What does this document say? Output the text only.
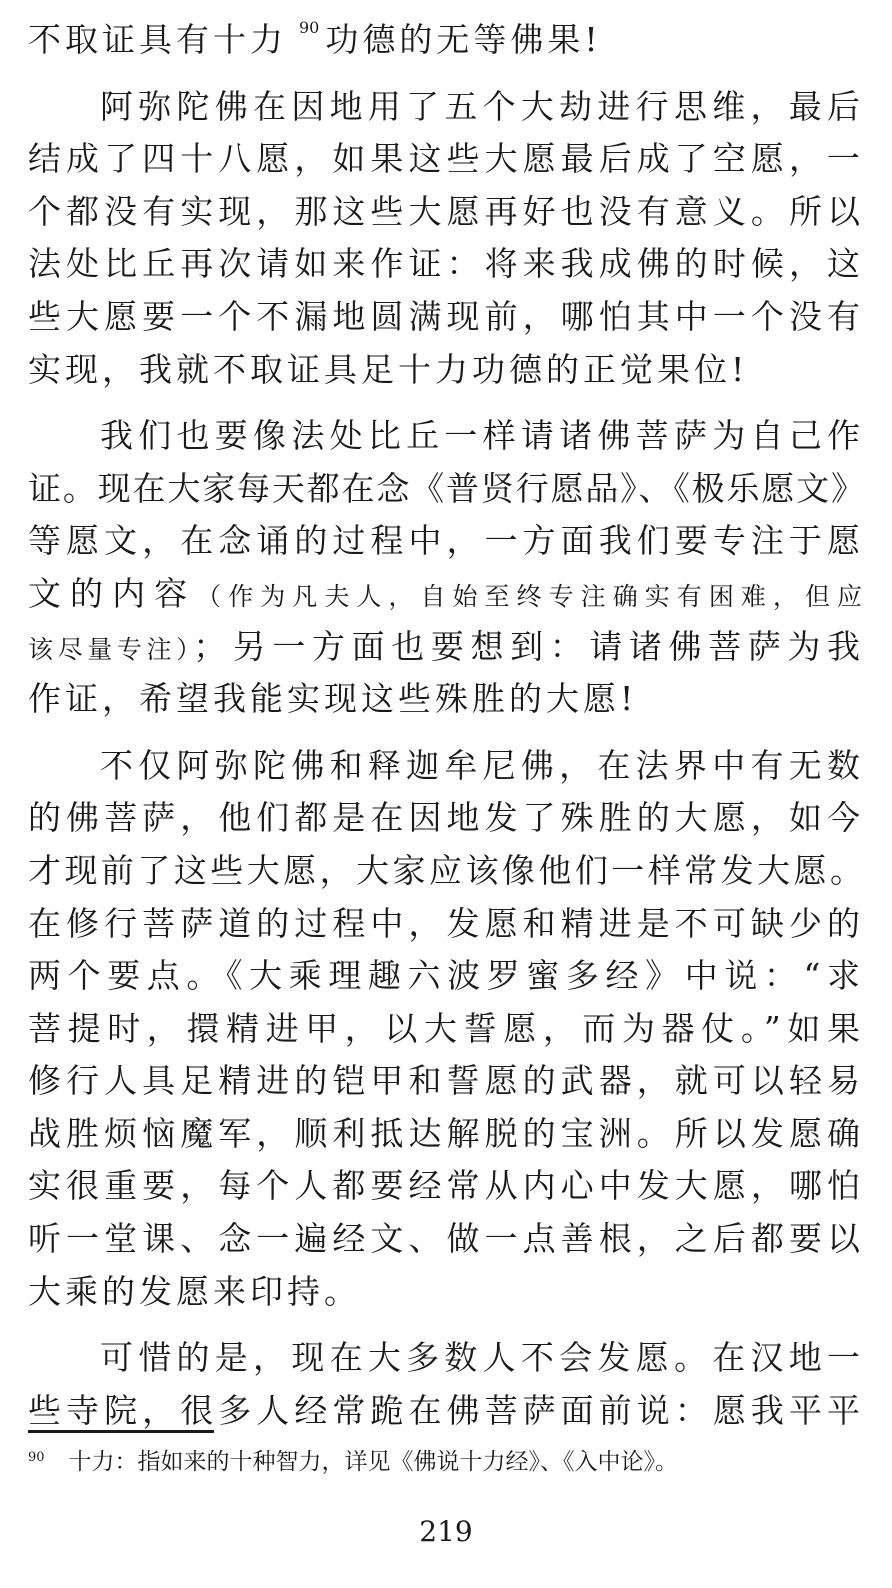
不取证具有十力 $^{90}$ 功德的无等佛果!
阿弥陀佛在因地用了五个大劫进行思维，最后
结成了四十八愿，如果这些大愿最后成了空愿，一
个都没有实现，那这些大愿再好也没有意义。所以
法处比丘再次请如来作证：将来我成佛的时候，这
些大愿要一个不漏地圆满现前，哪怕其中一个没有
实现，我就不取证具足十力功德的正觉果位!
我们也要像法处比丘一样请诸佛菩萨为自己作
证。现在大家每天都在念《普贤行愿品》、《极乐愿文》
等愿文，在念诵的过程中，一方面我们要专注于愿
文的内容（作为凡夫人，自始至终专注确实有困难，但应
该尽量专注）；另一方面也要想到：请诸佛菩萨为我
作证，希望我能实现这些殊胜的大愿!
不仅阿弥陀佛和释迦牟尼佛，在法界中有无数
的佛菩萨，他们都是在因地发了殊胜的大愿，如今
才现前了这些大愿，大家应该像他们一样常发大愿。
在修行菩萨道的过程中，发愿和精进是不可缺少的
两个要点。《大乘理趣六波罗蜜多经》中说：“求
菩提时，擐精进甲，以大誓愿，而为器仗。”如果
修行人具足精进的铠甲和誓愿的武器，就可以轻易
战胜烦恼魔军，顺利抵达解脱的宝洲。所以发愿确
实很重要，每个人都要经常从内心中发大愿，哪怕
听一堂课、念一遍经文、做一点善根，之后都要以
大乘的发愿来印持。
可惜的是，现在大多数人不会发愿。在汉地一
些寺院，很多人经常跪在佛菩萨面前说：愿我平平
$^{90}$ 十力：指如来的十种智力，详见《佛说十力经》、《入中论》。
219
